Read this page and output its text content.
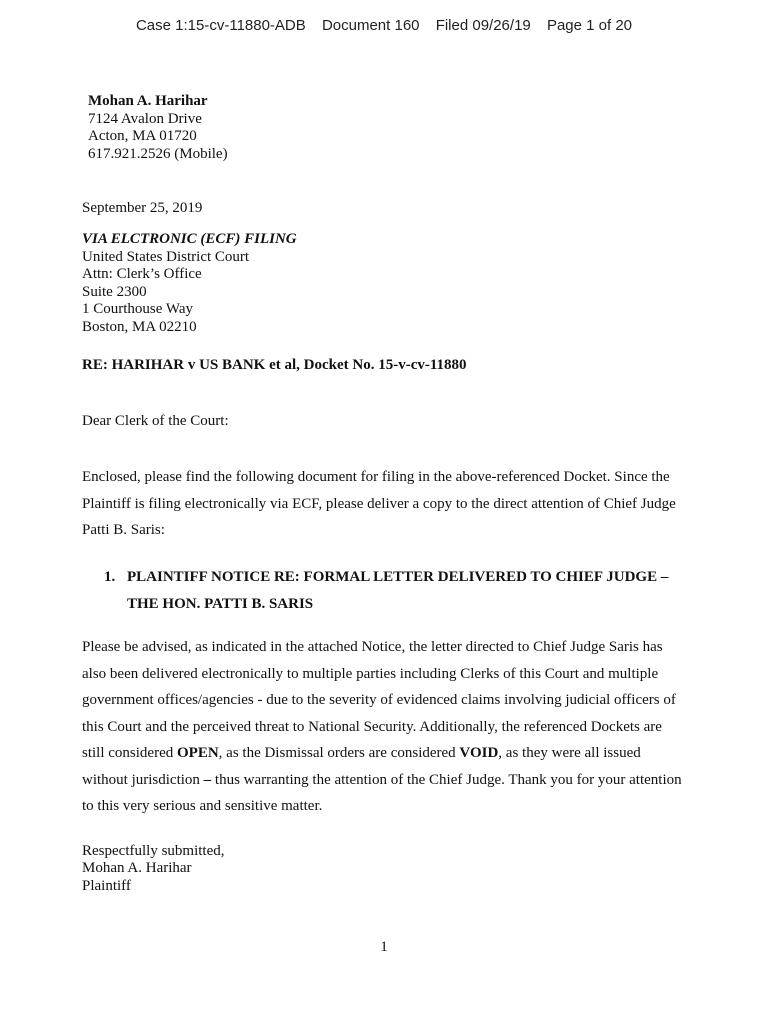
Case 1:15-cv-11880-ADB Document 160 Filed 09/26/19 Page 1 of 20
Mohan A. Harihar
7124 Avalon Drive
Acton, MA 01720
617.921.2526 (Mobile)
September 25, 2019
VIA ELCTRONIC (ECF) FILING
United States District Court
Attn: Clerk’s Office
Suite 2300
1 Courthouse Way
Boston, MA 02210
RE: HARIHAR v US BANK et al, Docket No. 15-v-cv-11880
Dear Clerk of the Court:
Enclosed, please find the following document for filing in the above-referenced Docket. Since the Plaintiff is filing electronically via ECF, please deliver a copy to the direct attention of Chief Judge Patti B. Saris:
1. PLAINTIFF NOTICE RE: FORMAL LETTER DELIVERED TO CHIEF JUDGE – THE HON. PATTI B. SARIS
Please be advised, as indicated in the attached Notice, the letter directed to Chief Judge Saris has also been delivered electronically to multiple parties including Clerks of this Court and multiple government offices/agencies - due to the severity of evidenced claims involving judicial officers of this Court and the perceived threat to National Security. Additionally, the referenced Dockets are still considered OPEN, as the Dismissal orders are considered VOID, as they were all issued without jurisdiction – thus warranting the attention of the Chief Judge. Thank you for your attention to this very serious and sensitive matter.
Respectfully submitted,
Mohan A. Harihar
Plaintiff
1
